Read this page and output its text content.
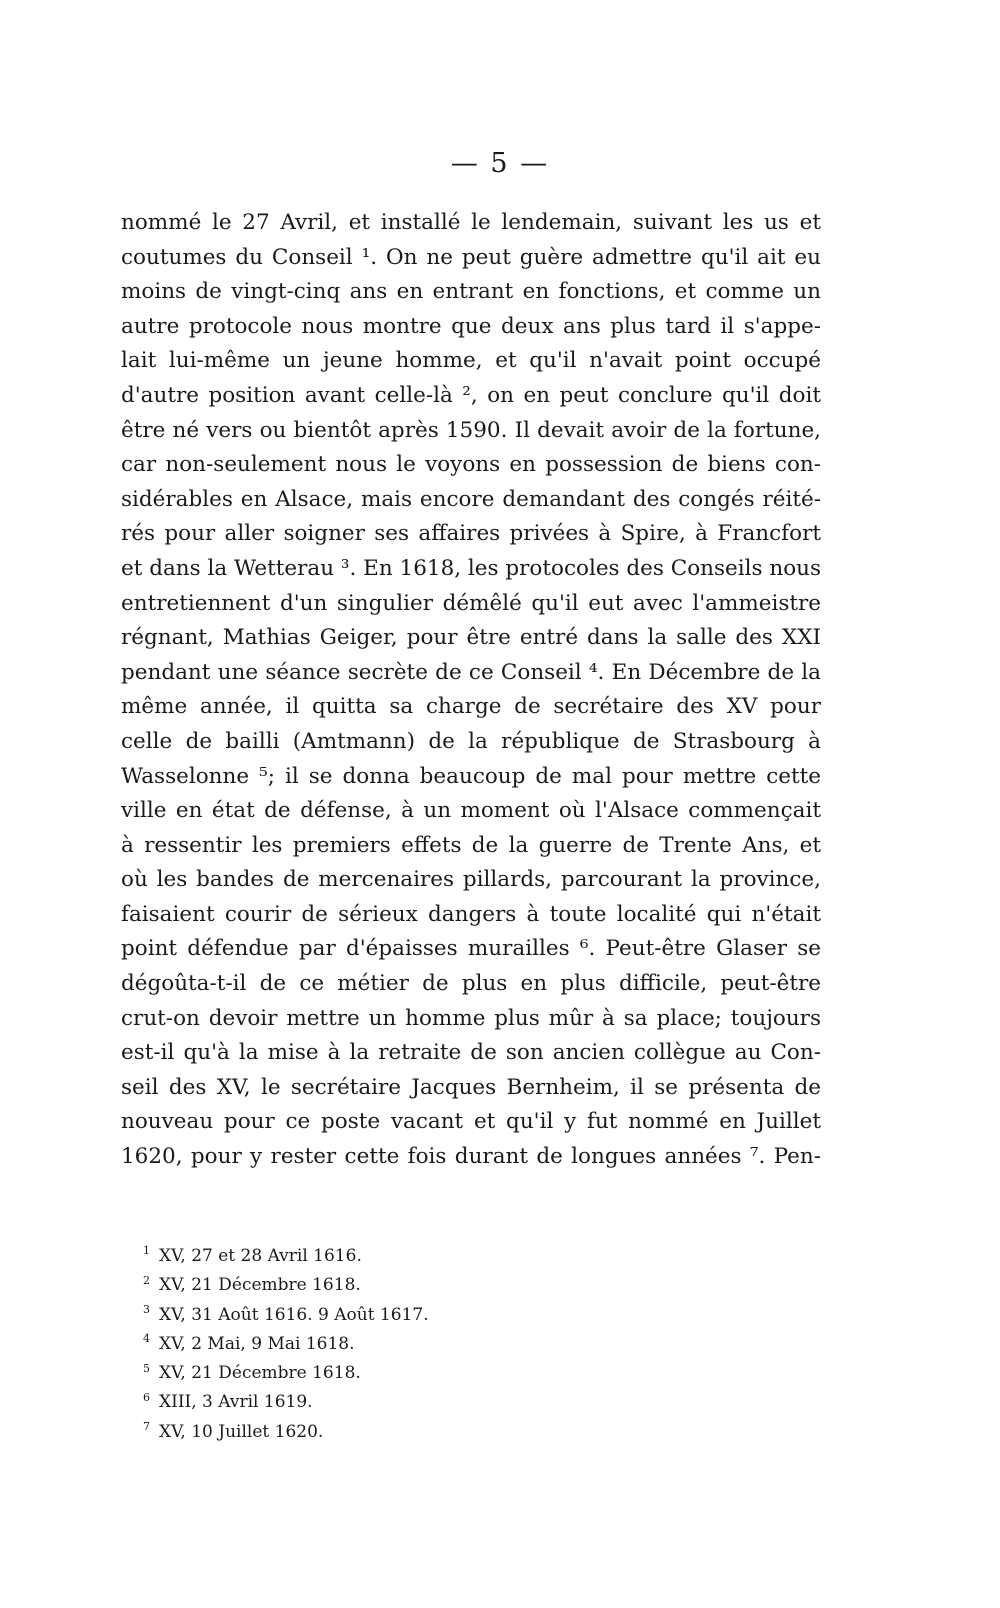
— 5 —
nommé le 27 Avril, et installé le lendemain, suivant les us et
coutumes du Conseil ¹. On ne peut guère admettre qu'il ait eu
moins de vingt-cinq ans en entrant en fonctions, et comme un
autre protocole nous montre que deux ans plus tard il s'appe-
lait lui-même un jeune homme, et qu'il n'avait point occupé
d'autre position avant celle-là ², on en peut conclure qu'il doit
être né vers ou bientôt après 1590. Il devait avoir de la fortune,
car non-seulement nous le voyons en possession de biens con-
sidérables en Alsace, mais encore demandant des congés réité-
rés pour aller soigner ses affaires privées à Spire, à Francfort
et dans la Wetterau ³. En 1618, les protocoles des Conseils nous
entretiennent d'un singulier démêlé qu'il eut avec l'ammeistre
régnant, Mathias Geiger, pour être entré dans la salle des XXI
pendant une séance secrète de ce Conseil ⁴. En Décembre de la
même année, il quitta sa charge de secrétaire des XV pour
celle de bailli (Amtmann) de la république de Strasbourg à
Wasselonne ⁵; il se donna beaucoup de mal pour mettre cette
ville en état de défense, à un moment où l'Alsace commençait
à ressentir les premiers effets de la guerre de Trente Ans, et
où les bandes de mercenaires pillards, parcourant la province,
faisaient courir de sérieux dangers à toute localité qui n'était
point défendue par d'épaisses murailles ⁶. Peut-être Glaser se
dégoûta-t-il de ce métier de plus en plus difficile, peut-être
crut-on devoir mettre un homme plus mûr à sa place; toujours
est-il qu'à la mise à la retraite de son ancien collègue au Con-
seil des XV, le secrétaire Jacques Bernheim, il se présenta de
nouveau pour ce poste vacant et qu'il y fut nommé en Juillet
1620, pour y rester cette fois durant de longues années ⁷. Pen-
1 XV, 27 et 28 Avril 1616.
2 XV, 21 Décembre 1618.
3 XV, 31 Août 1616. 9 Août 1617.
4 XV, 2 Mai, 9 Mai 1618.
5 XV, 21 Décembre 1618.
6 XIII, 3 Avril 1619.
7 XV, 10 Juillet 1620.
